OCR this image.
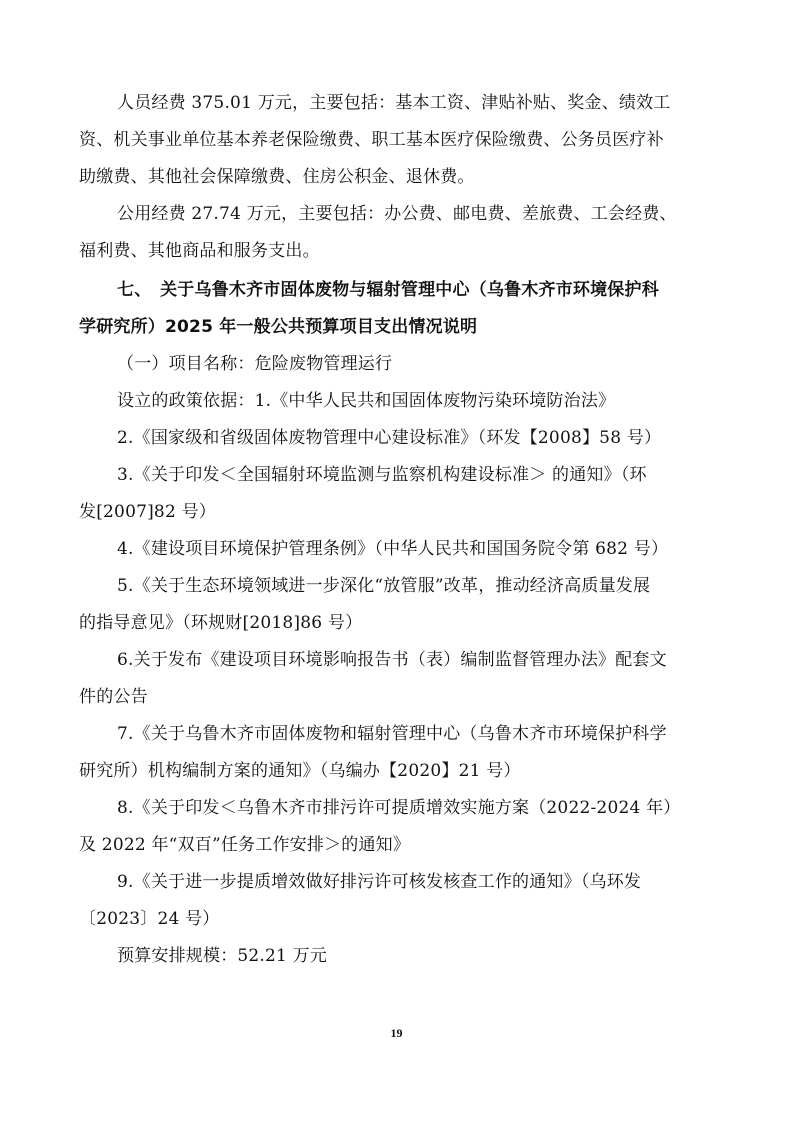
人员经费 375.01 万元，主要包括：基本工资、津贴补贴、奖金、绩效工
资、机关事业单位基本养老保险缴费、职工基本医疗保险缴费、公务员医疗补
助缴费、其他社会保障缴费、住房公积金、退休费。
公用经费 27.74 万元，主要包括：办公费、邮电费、差旅费、工会经费、
福利费、其他商品和服务支出。
七、　关于乌鲁木齐市固体废物与辐射管理中心（乌鲁木齐市环境保护科
学研究所）2025 年一般公共预算项目支出情况说明
（一）项目名称：危险废物管理运行
设立的政策依据：1.《中华人民共和国固体废物污染环境防治法》
2.《国家级和省级固体废物管理中心建设标准》（环发【2008】58 号）
3.《关于印发＜全国辐射环境监测与监察机构建设标准＞ 的通知》（环
发[2007]82 号）
4.《建设项目环境保护管理条例》（中华人民共和国国务院令第 682 号）
5.《关于生态环境领域进一步深化“放管服”改革，推动经济高质量发展
的指导意见》（环规财[2018]86 号）
6.关于发布《建设项目环境影响报告书（表）编制监督管理办法》配套文
件的公告
7.《关于乌鲁木齐市固体废物和辐射管理中心（乌鲁木齐市环境保护科学
研究所）机构编制方案的通知》（乌编办【2020】21 号）
8.《关于印发＜乌鲁木齐市排污许可提质增效实施方案（2022-2024 年）
及 2022 年“双百”任务工作安排＞的通知》
9.《关于进一步提质增效做好排污许可核发核查工作的通知》（乌环发
〔2023〕24 号）
预算安排规模：52.21 万元
19
